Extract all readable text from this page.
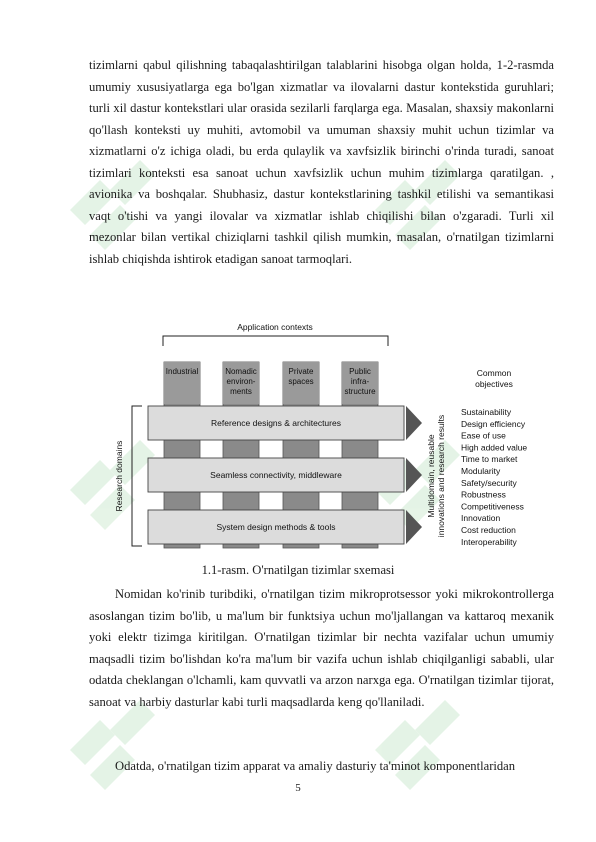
tizimlarni qabul qilishning tabaqalashtirilgan talablarini hisobga olgan holda, 1-2-rasmda umumiy xususiyatlarga ega bo'lgan xizmatlar va ilovalarni dastur kontekstida guruhlari; turli xil dastur kontekstlari ular orasida sezilarli farqlarga ega. Masalan, shaxsiy makonlarni qo'llash konteksti uy muhiti, avtomobil va umuman shaxsiy muhit uchun tizimlar va xizmatlarni o'z ichiga oladi, bu erda qulaylik va xavfsizlik birinchi o'rinda turadi, sanoat tizimlari konteksti esa sanoat uchun xavfsizlik uchun muhim tizimlarga qaratilgan. , avionika va boshqalar. Shubhasiz, dastur kontekstlarining tashkil etilishi va semantikasi vaqt o'tishi va yangi ilovalar va xizmatlar ishlab chiqilishi bilan o'zgaradi. Turli xil mezonlar bilan vertikal chiziqlarni tashkil qilish mumkin, masalan, o'rnatilgan tizimlarni ishlab chiqishda ishtirok etadigan sanoat tarmoqlari.

Application contexts
Research domains
Industrial	Nomadic
environ-
ments
Private
spaces
Public
infra-
structure
Reference designs & architectures
Seamless connectivity, middleware
System design methods & tools
Multidomain, reusable innovations and research results
Common
objectives
Sustainability
Design efficiency
Ease of use
High added value
Time to market
Modularity
Safety/security
Robustness
Competitiveness
Innovation
Cost reduction
Interoperability
1.1-rasm. O'rnatilgan tizimlar sxemasi

Nomidan ko'rinib turibdiki, o'rnatilgan tizim mikroprotsessor yoki mikrokontrollerga asoslangan tizim bo'lib, u ma'lum bir funktsiya uchun mo'ljallangan va kattaroq mexanik yoki elektr tizimga kiritilgan. O'rnatilgan tizimlar bir nechta vazifalar uchun umumiy maqsadli tizim bo'lishdan ko'ra ma'lum bir vazifa uchun ishlab chiqilganligi sababli, ular odatda cheklangan o'lchamli, kam quvvatli va arzon narxga ega. O'rnatilgan tizimlar tijorat, sanoat va harbiy dasturlar kabi turli maqsadlarda keng qo'llaniladi.

Odatda, o'rnatilgan tizim apparat va amaliy dasturiy ta'minot komponentlaridan

5
